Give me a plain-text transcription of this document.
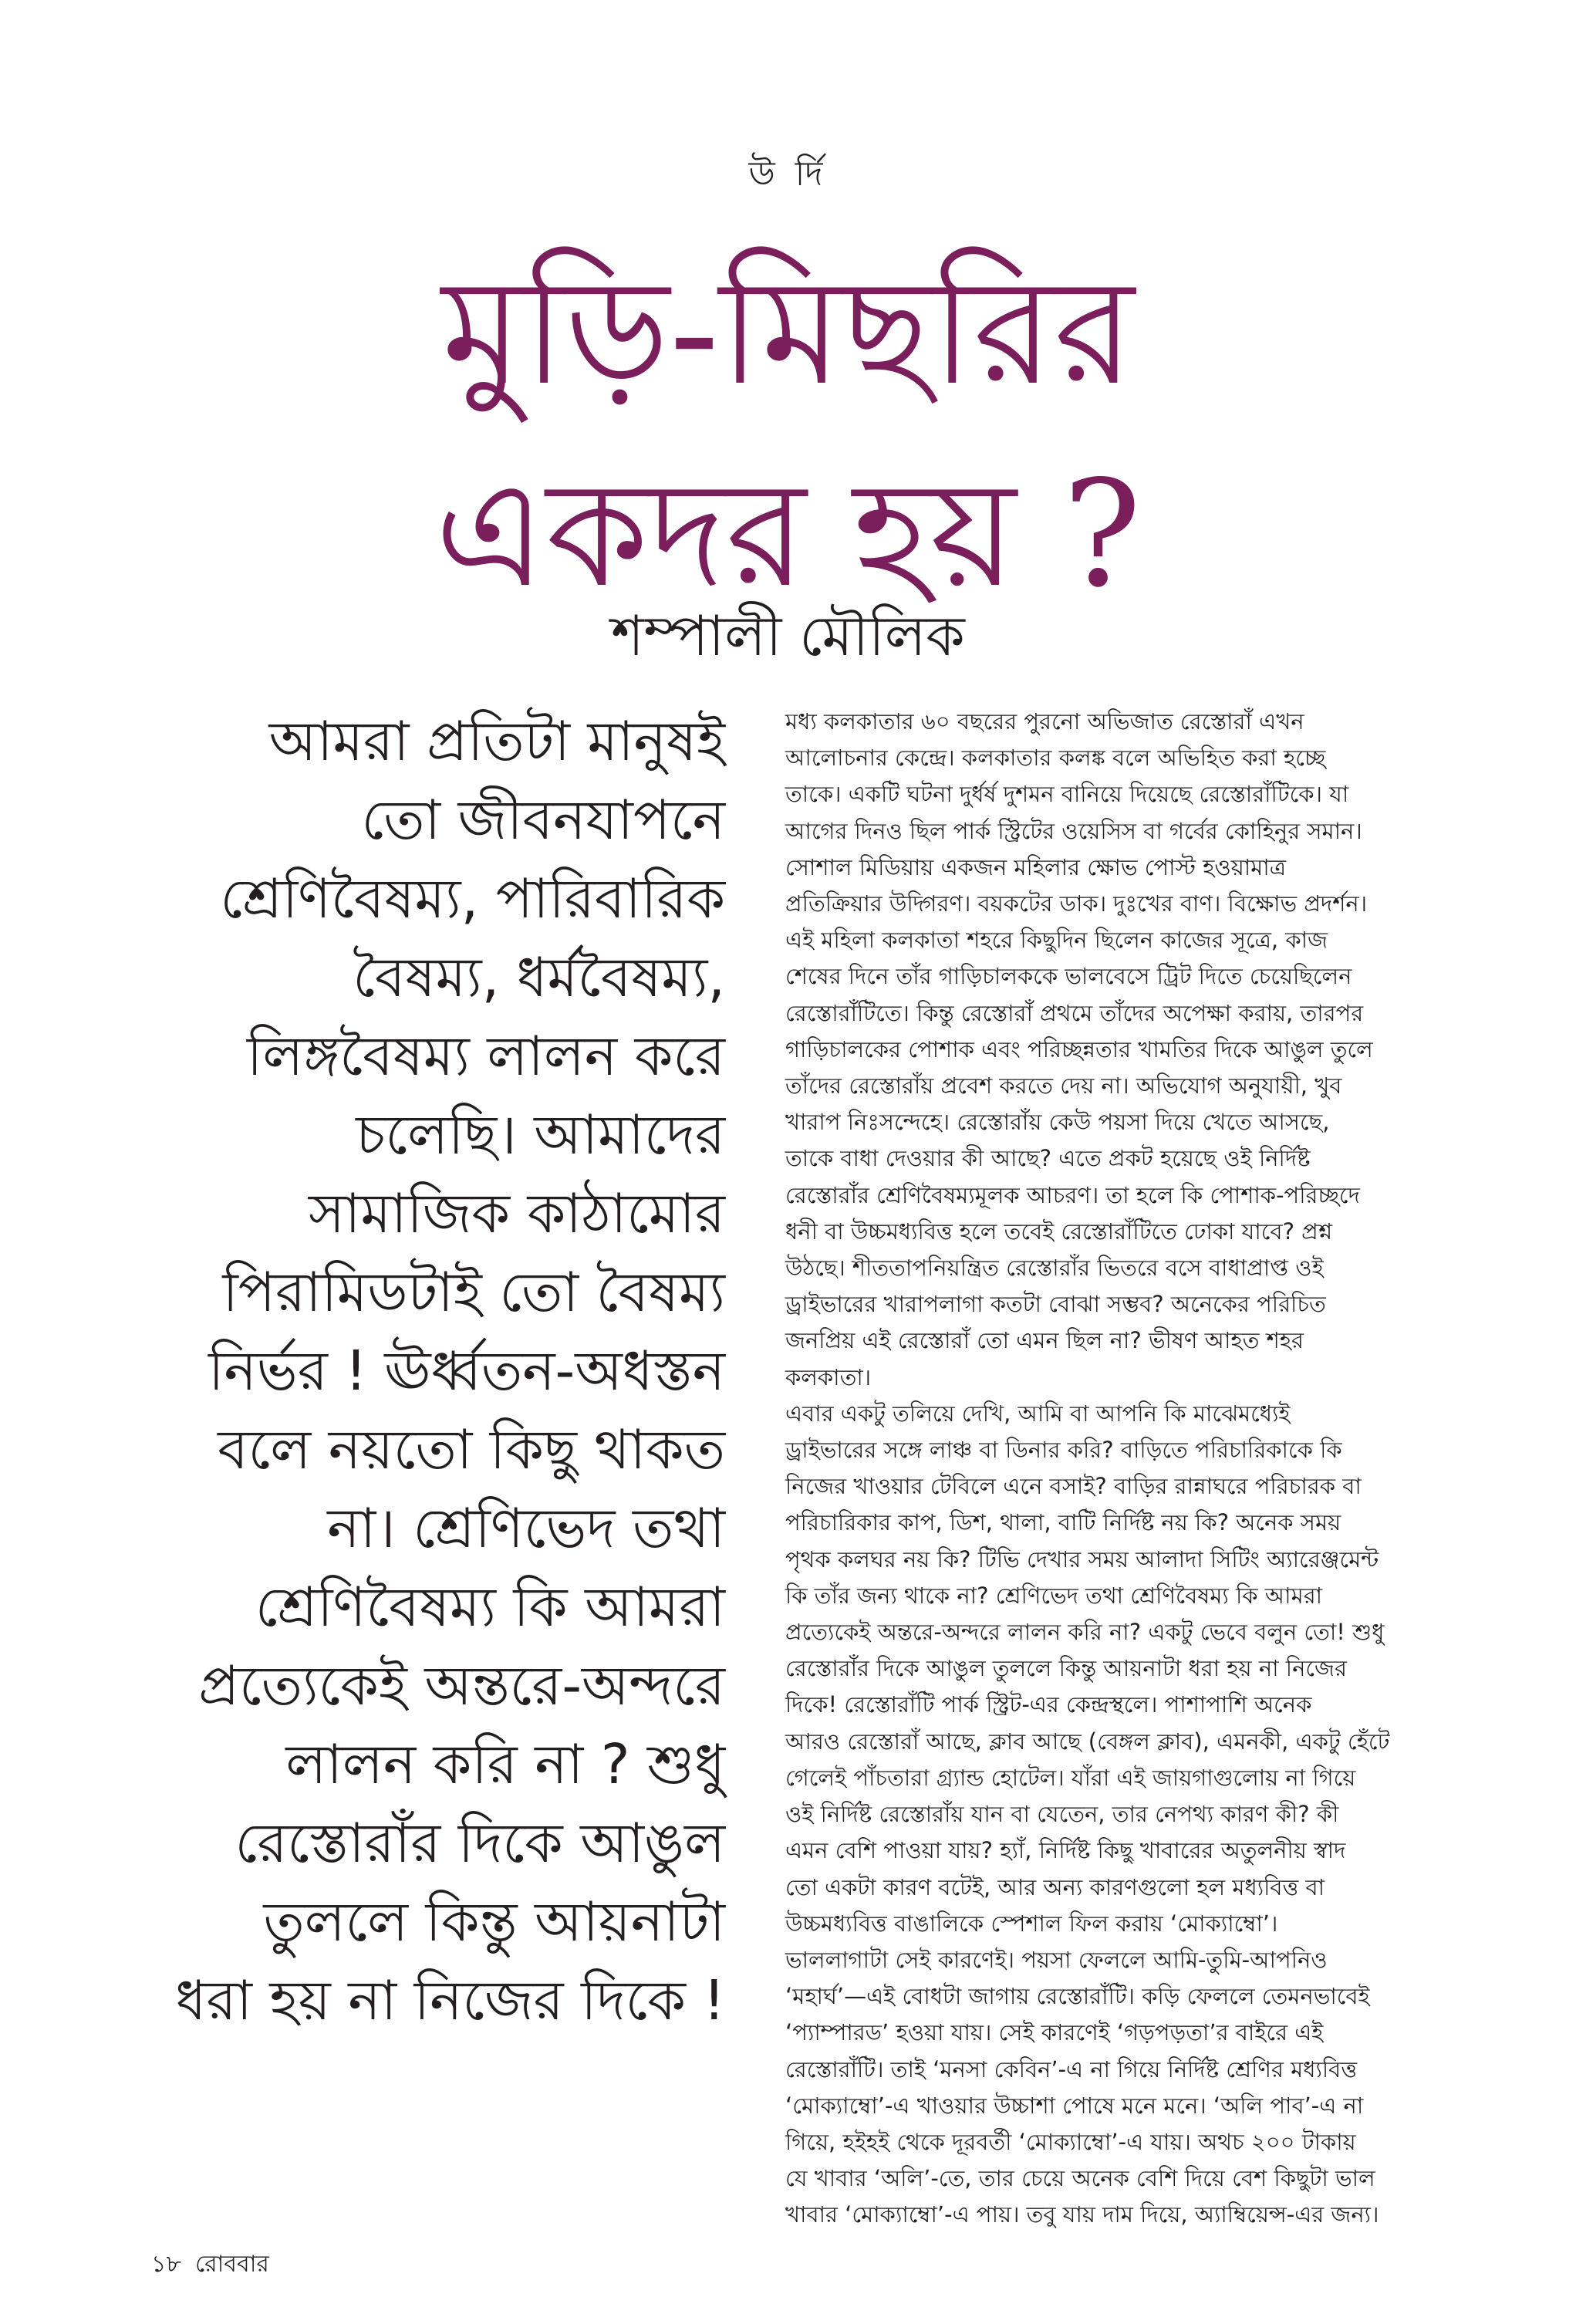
উ র্দি
মুড়ি-মিছরির
একদর হয় ?
শম্পালী মৌলিক
আমরা প্রতিটা মানুষই
তো জীবনযাপনে
শ্রেণিবৈষম্য, পারিবারিক
বৈষম্য, ধর্মবৈষম্য,
লিঙ্গবৈষম্য লালন করে
চলেছি। আমাদের
সামাজিক কাঠামোর
পিরামিডটাই তো বৈষম্য
নির্ভর ! ঊর্ধ্বতন-অধস্তন
বলে নয়তো কিছু থাকত
না। শ্রেণিভেদ তথা
শ্রেণিবৈষম্য কি আমরা
প্রত্যেকেই অন্তরে-অন্দরে
লালন করি না ? শুধু
রেস্তোরাঁর দিকে আঙুল
তুললে কিন্তু আয়নাটা
ধরা হয় না নিজের দিকে !
মধ্য কলকাতার ৬০ বছরের পুরনো অভিজাত রেস্তোরাঁ এখন
আলোচনার কেন্দ্রে। কলকাতার কলঙ্ক বলে অভিহিত করা হচ্ছে
তাকে। একটি ঘটনা দুর্ধর্ষ দুশমন বানিয়ে দিয়েছে রেস্তোরাঁটিকে। যা
আগের দিনও ছিল পার্ক স্ট্রিটের ওয়েসিস বা গর্বের কোহিনুর সমান।
সোশাল মিডিয়ায় একজন মহিলার ক্ষোভ পোস্ট হওয়ামাত্র
প্রতিক্রিয়ার উদ্গিরণ। বয়কটের ডাক। দুঃখের বাণ। বিক্ষোভ প্রদর্শন।
এই মহিলা কলকাতা শহরে কিছুদিন ছিলেন কাজের সূত্রে, কাজ
শেষের দিনে তাঁর গাড়িচালককে ভালবেসে ট্রিট দিতে চেয়েছিলেন
রেস্তোরাঁটিতে। কিন্তু রেস্তোরাঁ প্রথমে তাঁদের অপেক্ষা করায়, তারপর
গাড়িচালকের পোশাক এবং পরিচ্ছন্নতার খামতির দিকে আঙুল তুলে
তাঁদের রেস্তোরাঁয় প্রবেশ করতে দেয় না। অভিযোগ অনুযায়ী, খুব
খারাপ নিঃসন্দেহে। রেস্তোরাঁয় কেউ পয়সা দিয়ে খেতে আসছে,
তাকে বাধা দেওয়ার কী আছে? এতে প্রকট হয়েছে ওই নির্দিষ্ট
রেস্তোরাঁর শ্রেণিবৈষম্যমূলক আচরণ। তা হলে কি পোশাক-পরিচ্ছদে
ধনী বা উচ্চমধ্যবিত্ত হলে তবেই রেস্তোরাঁটিতে ঢোকা যাবে? প্রশ্ন
উঠছে। শীততাপনিয়ন্ত্রিত রেস্তোরাঁর ভিতরে বসে বাধাপ্রাপ্ত ওই
ড্রাইভারের খারাপলাগা কতটা বোঝা সম্ভব? অনেকের পরিচিত
জনপ্রিয় এই রেস্তোরাঁ তো এমন ছিল না? ভীষণ আহত শহর
কলকাতা।
এবার একটু তলিয়ে দেখি, আমি বা আপনি কি মাঝেমধ্যেই
ড্রাইভারের সঙ্গে লাঞ্চ বা ডিনার করি? বাড়িতে পরিচারিকাকে কি
নিজের খাওয়ার টেবিলে এনে বসাই? বাড়ির রান্নাঘরে পরিচারক বা
পরিচারিকার কাপ, ডিশ, থালা, বাটি নির্দিষ্ট নয় কি? অনেক সময়
পৃথক কলঘর নয় কি? টিভি দেখার সময় আলাদা সিটিং অ্যারেঞ্জমেন্ট
কি তাঁর জন্য থাকে না? শ্রেণিভেদ তথা শ্রেণিবৈষম্য কি আমরা
প্রত্যেকেই অন্তরে-অন্দরে লালন করি না? একটু ভেবে বলুন তো! শুধু
রেস্তোরাঁর দিকে আঙুল তুললে কিন্তু আয়নাটা ধরা হয় না নিজের
দিকে! রেস্তোরাঁটি পার্ক স্ট্রিট-এর কেন্দ্রস্থলে। পাশাপাশি অনেক
আরও রেস্তোরাঁ আছে, ক্লাব আছে (বেঙ্গল ক্লাব), এমনকী, একটু হেঁটে
গেলেই পাঁচতারা গ্র্যান্ড হোটেল। যাঁরা এই জায়গাগুলোয় না গিয়ে
ওই নির্দিষ্ট রেস্তোরাঁয় যান বা যেতেন, তার নেপথ্য কারণ কী? কী
এমন বেশি পাওয়া যায়? হ্যাঁ, নির্দিষ্ট কিছু খাবারের অতুলনীয় স্বাদ
তো একটা কারণ বটেই, আর অন্য কারণগুলো হল মধ্যবিত্ত বা
উচ্চমধ্যবিত্ত বাঙালিকে স্পেশাল ফিল করায় ‘মোক্যাম্বো’।
ভাললাগাটা সেই কারণেই। পয়সা ফেললে আমি-তুমি-আপনিও
‘মহার্ঘ’—এই বোধটা জাগায় রেস্তোরাঁটি। কড়ি ফেললে তেমনভাবেই
‘প্যাম্পারড’ হওয়া যায়। সেই কারণেই ‘গড়পড়তা’র বাইরে এই
রেস্তোরাঁটি। তাই ‘মনসা কেবিন’-এ না গিয়ে নির্দিষ্ট শ্রেণির মধ্যবিত্ত
‘মোক্যাম্বো’-এ খাওয়ার উচ্চাশা পোষে মনে মনে। ‘অলি পাব’-এ না
গিয়ে, হইহই থেকে দূরবর্তী ‘মোক্যাম্বো’-এ যায়। অথচ ২০০ টাকায়
যে খাবার ‘অলি’-তে, তার চেয়ে অনেক বেশি দিয়ে বেশ কিছুটা ভাল
খাবার ‘মোক্যাম্বো’-এ পায়। তবু যায় দাম দিয়ে, অ্যাম্বিয়েন্স-এর জন্য।
১৮ রোববার
